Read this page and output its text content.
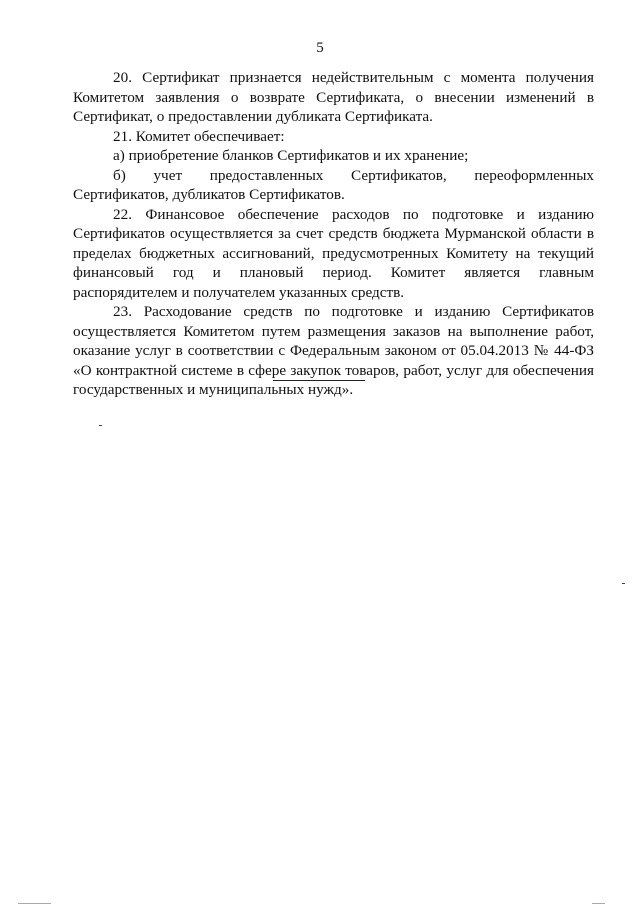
5

20. Сертификат признается недействительным с момента получения Комитетом заявления о возврате Сертификата, о внесении изменений в Сертификат, о предоставлении дубликата Сертификата.

21. Комитет обеспечивает:

а) приобретение бланков Сертификатов и их хранение;

б) учет предоставленных Сертификатов, переоформленных Сертификатов, дубликатов Сертификатов.

22. Финансовое обеспечение расходов по подготовке и изданию Сертификатов осуществляется за счет средств бюджета Мурманской области в пределах бюджетных ассигнований, предусмотренных Комитету на текущий финансовый год и плановый период. Комитет является главным распорядителем и получателем указанных средств.

23. Расходование средств по подготовке и изданию Сертификатов осуществляется Комитетом путем размещения заказов на выполнение работ, оказание услуг в соответствии с Федеральным законом от 05.04.2013 № 44-ФЗ «О контрактной системе в сфере закупок товаров, работ, услуг для обеспечения государственных и муниципальных нужд».
